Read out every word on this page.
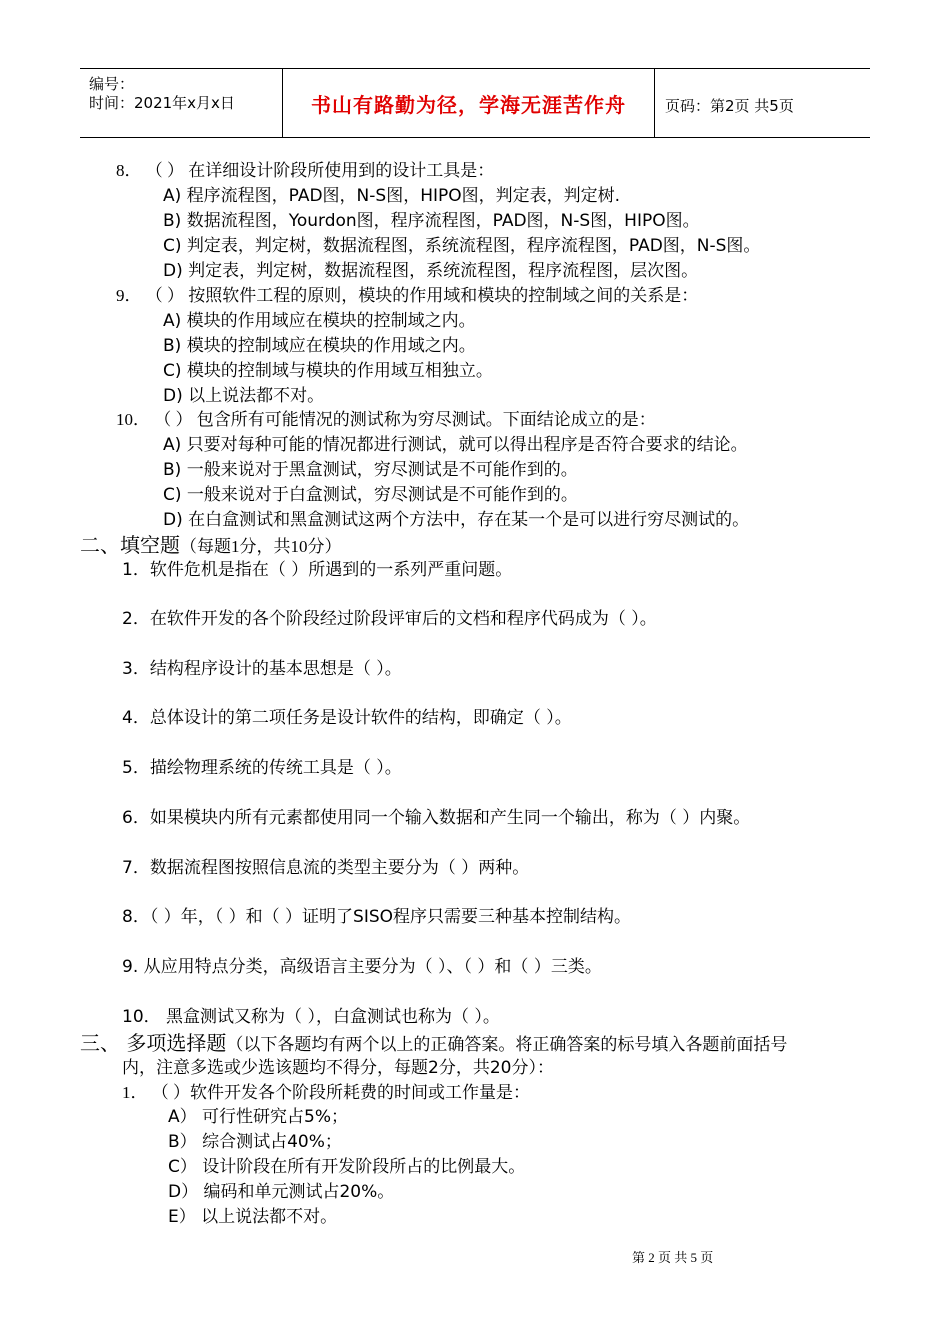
编号：
时间：2021年x月x日	书山有路勤为径，学海无涯苦作舟	页码：第2页 共5页
8． （ ） 在详细设计阶段所使用到的设计工具是：
A) 程序流程图，PAD图，N-S图，HIPO图，判定表，判定树.
B) 数据流程图，Yourdon图，程序流程图，PAD图，N-S图，HIPO图。
C) 判定表，判定树，数据流程图，系统流程图，程序流程图，PAD图，N-S图。
D) 判定表，判定树，数据流程图，系统流程图，程序流程图，层次图。
9． （ ） 按照软件工程的原则，模块的作用域和模块的控制域之间的关系是：
A) 模块的作用域应在模块的控制域之内。
B) 模块的控制域应在模块的作用域之内。
C) 模块的控制域与模块的作用域互相独立。
D) 以上说法都不对。
10． （ ） 包含所有可能情况的测试称为穷尽测试。下面结论成立的是：
A) 只要对每种可能的情况都进行测试，就可以得出程序是否符合要求的结论。
B) 一般来说对于黑盒测试，穷尽测试是不可能作到的。
C) 一般来说对于白盒测试，穷尽测试是不可能作到的。
D) 在白盒测试和黑盒测试这两个方法中，存在某一个是可以进行穷尽测试的。
二、填空题（每题1分，共10分）
1．软件危机是指在（ ）所遇到的一系列严重问题。
2．在软件开发的各个阶段经过阶段评审后的文档和程序代码成为（ ）。
3．结构程序设计的基本思想是（ ）。
4．总体设计的第二项任务是设计软件的结构，即确定（ ）。
5．描绘物理系统的传统工具是（ ）。
6．如果模块内所有元素都使用同一个输入数据和产生同一个输出，称为（ ）内聚。
7．数据流程图按照信息流的类型主要分为（ ）两种。
8．（ ）年，（ ）和（ ）证明了SISO程序只需要三种基本控制结构。
9. 从应用特点分类，高级语言主要分为（ ）、（ ）和（ ）三类。
10． 黑盒测试又称为（ ），白盒测试也称为（ ）。
三、 多项选择题（以下各题均有两个以上的正确答案。将正确答案的标号填入各题前面括号
内，注意多选或少选该题均不得分，每题2分，共20分）：
1． （ ）软件开发各个阶段所耗费的时间或工作量是：
A） 可行性研究占5%；
B） 综合测试占40%；
C） 设计阶段在所有开发阶段所占的比例最大。
D） 编码和单元测试占20%。
E） 以上说法都不对。
第 2 页 共 5 页
